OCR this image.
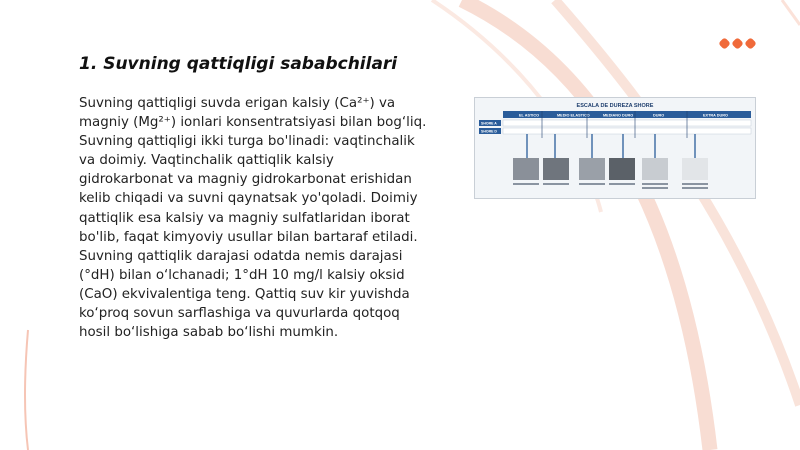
1. Suvning qattiqligi sababchilari

Suvning qattiqligi suvda erigan kalsiy (Ca²⁺) va magniy (Mg²⁺) ionlari konsentratsiyasi bilan bog‘liq. Suvning qattiqligi ikki turga bo'linadi: vaqtinchalik va doimiy. Vaqtinchalik qattiqlik kalsiy gidrokarbonat va magniy gidrokarbonat erishidan kelib chiqadi va suvni qaynatsak yo'qoladi. Doimiy qattiqlik esa kalsiy va magniy sulfatlaridan iborat bo'lib, faqat kimyoviy usullar bilan bartaraf etiladi. Suvning qattiqlik darajasi odatda nemis darajasi (°dH) bilan o‘lchanadi; 1°dH 10 mg/l kalsiy oksid (CaO) ekvivalentiga teng. Qattiq suv kir yuvishda ko‘proq sovun sarflashiga va quvurlarda qotqoq hosil bo‘lishiga sabab bo‘lishi mumkin.

ESCALA DE DUREZA SHORE
EL ASTICO	MEDIO ELASTICO	MEDIANO DURO	DURO	EXTRA DURO
SHORE A
SHORE D
